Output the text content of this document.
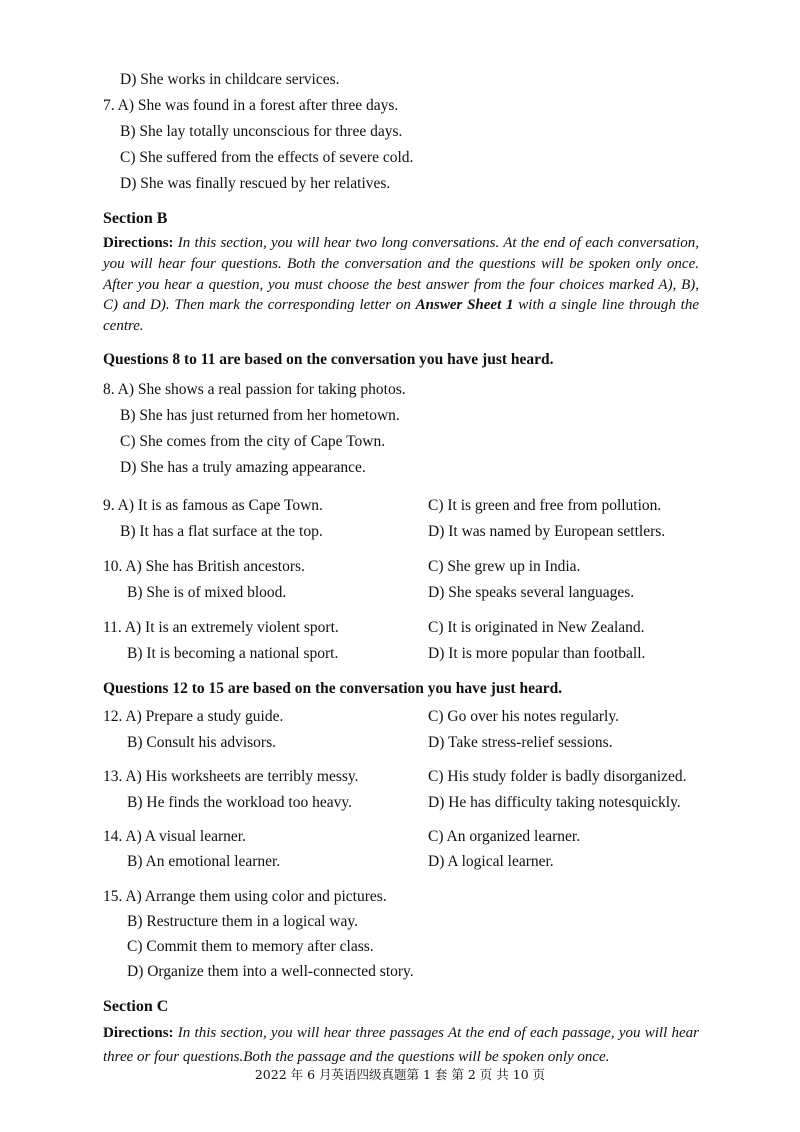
D) She works in childcare services.
7. A) She was found in a forest after three days.
B) She lay totally unconscious for three days.
C) She suffered from the effects of severe cold.
D) She was finally rescued by her relatives.
Section B
Directions: In this section, you will hear two long conversations. At the end of each conversation, you will hear four questions. Both the conversation and the questions will be spoken only once. After you hear a question, you must choose the best answer from the four choices marked A), B), C) and D). Then mark the corresponding letter on Answer Sheet 1 with a single line through the centre.
Questions 8 to 11 are based on the conversation you have just heard.
8. A) She shows a real passion for taking photos.
B) She has just returned from her hometown.
C) She comes from the city of Cape Town.
D) She has a truly amazing appearance.
9. A) It is as famous as Cape Town.
B) It has a flat surface at the top.
C) It is green and free from pollution.
D) It was named by European settlers.
10. A) She has British ancestors.
B) She is of mixed blood.
C) She grew up in India.
D) She speaks several languages.
11. A) It is an extremely violent sport.
B) It is becoming a national sport.
C) It is originated in New Zealand.
D) It is more popular than football.
Questions 12 to 15 are based on the conversation you have just heard.
12. A) Prepare a study guide.
B) Consult his advisors.
C) Go over his notes regularly.
D) Take stress-relief sessions.
13. A) His worksheets are terribly messy.
B) He finds the workload too heavy.
C) His study folder is badly disorganized.
D) He has difficulty taking notesquickly.
14. A) A visual learner.
B) An emotional learner.
C) An organized learner.
D) A logical learner.
15. A) Arrange them using color and pictures.
B) Restructure them in a logical way.
C) Commit them to memory after class.
D) Organize them into a well-connected story.
Section C
Directions: In this section, you will hear three passages At the end of each passage, you will hear three or four questions.Both the passage and the questions will be spoken only once.
2022 年 6 月英语四级真题第 1 套 第 2 页 共 10 页
